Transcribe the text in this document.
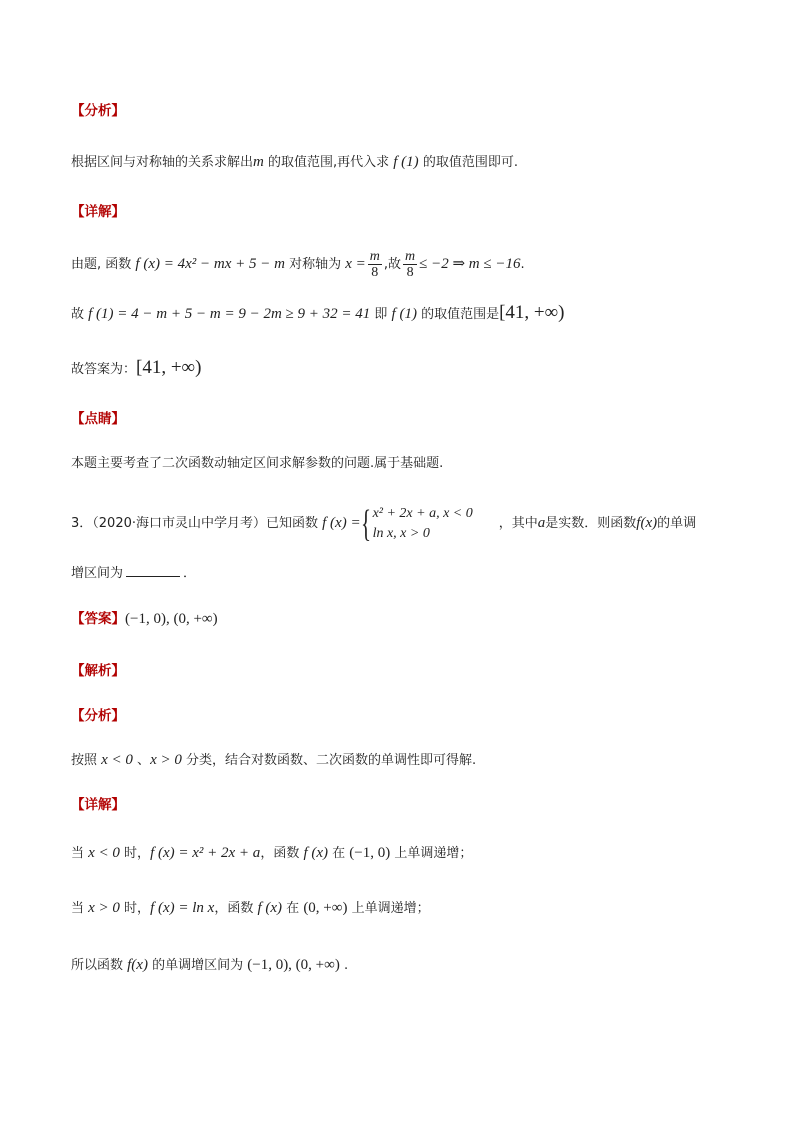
【分析】
根据区间与对称轴的关系求解出m 的取值范围,再代入求 f (1) 的取值范围即可.
【详解】
由题, 函数 f (x) = 4x² − mx + 5 − m 对称轴为 $x = \frac{m}{8}$ ,故 $\frac{m}{8} \le -2$ ⇒ m ≤ −16.
故 f (1) = 4 − m + 5 − m = 9 − 2m ≥ 9 + 32 = 41 即 f (1) 的取值范围是[41, +∞)
故答案为：[41, +∞)
【点睛】
本题主要考查了二次函数动轴定区间求解参数的问题.属于基础题.
3．（2020·海口市灵山中学月考）已知函数 f (x) ={ x² + 2x + a, x < 0
ln x, x > 0
，其中a是实数．则函数f(x)的单调
增区间为	．
【答案】(−1, 0), (0, +∞)
【解析】
【分析】
按照 x < 0 、x > 0 分类，结合对数函数、二次函数的单调性即可得解.
【详解】
当 x < 0 时，f (x) = x² + 2x + a，函数 f (x) 在 (−1, 0) 上单调递增；
当 x > 0 时，f (x) = ln x，函数 f (x) 在 (0, +∞) 上单调递增；
所以函数 f(x) 的单调增区间为 (−1, 0), (0, +∞) .
